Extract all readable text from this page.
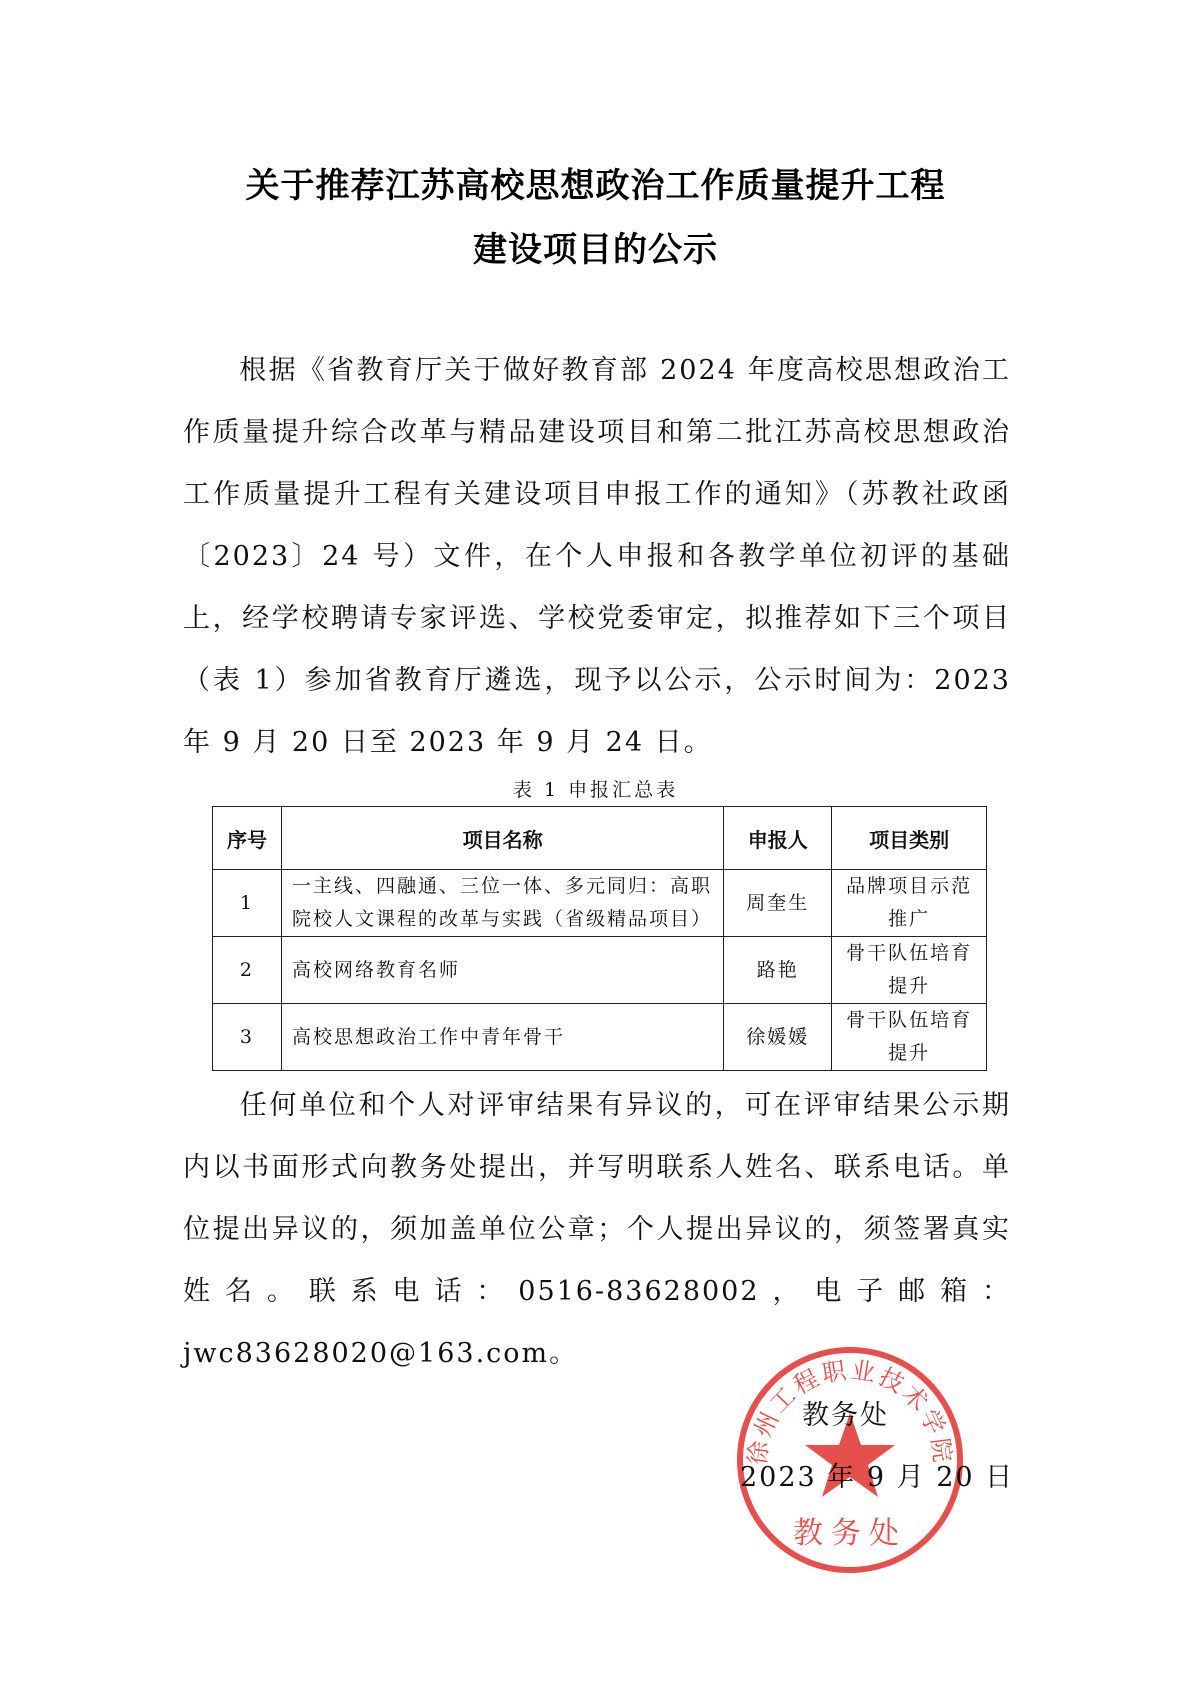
关于推荐江苏高校思想政治工作质量提升工程
建设项目的公示
根据《省教育厅关于做好教育部 2024 年度高校思想政治工作质量提升综合改革与精品建设项目和第二批江苏高校思想政治工作质量提升工程有关建设项目申报工作的通知》（苏教社政函〔2023〕24 号）文件，在个人申报和各教学单位初评的基础上，经学校聘请专家评选、学校党委审定，拟推荐如下三个项目（表 1）参加省教育厅遴选，现予以公示，公示时间为：2023 年 9 月 20 日至 2023 年 9 月 24 日。
表 1 申报汇总表
序号	项目名称	申报人	项目类别
1	一主线、四融通、三位一体、多元同归：高职院校人文课程的改革与实践（省级精品项目）	周奎生	品牌项目示范推广
2	高校网络教育名师	路艳	骨干队伍培育提升
3	高校思想政治工作中青年骨干	徐媛媛	骨干队伍培育提升
任何单位和个人对评审结果有异议的，可在评审结果公示期内以书面形式向教务处提出，并写明联系人姓名、联系电话。单位提出异议的，须加盖单位公章；个人提出异议的，须签署真实姓名。联系电话：0516-83628002，电子邮箱：jwc83628020@163.com。
徐州工程职业技术学院
教务处
教务处
2023 年 9 月 20 日
